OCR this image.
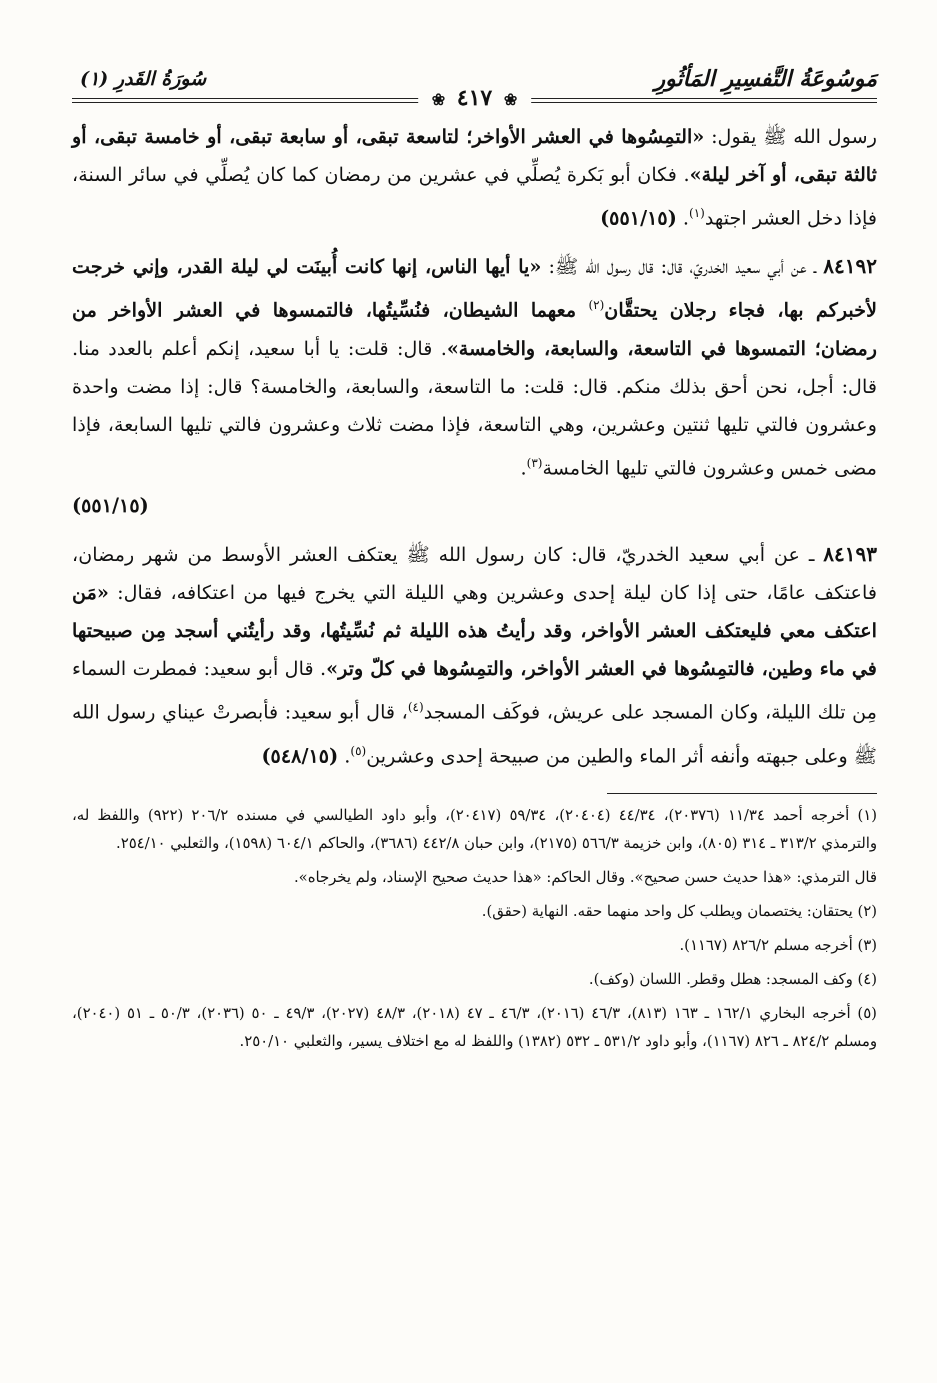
مَوسُوعَةُ التَّفسِيرِ المَأثُورِ
سُورَةُ القَدرِ (١)
❀ ٤١٧ ❀

رسول الله ﷺ يقول: «التمِسُوها في العشر الأواخر؛ لتاسعة تبقى، أو سابعة تبقى، أو خامسة تبقى، أو ثالثة تبقى، أو آخر ليلة». فكان أبو بَكرة يُصلِّي في عشرين من رمضان كما كان يُصلِّي في سائر السنة، فإذا دخل العشر اجتهد$^{(١)}$. (٥٥١/١٥)

٨٤١٩٢ ـ عن أبي سعيد الخدريّ، قال: قال رسول الله ﷺ: «يا أيها الناس، إنها كانت أُبينَت لي ليلة القدر، وإني خرجت لأخبركم بها، فجاء رجلان يحتقَّان$^{(٢)}$ معهما الشيطان، فنُسِّيتُها، فالتمسوها في العشر الأواخر من رمضان؛ التمسوها في التاسعة، والسابعة، والخامسة». قال: قلت: يا أبا سعيد، إنكم أعلم بالعدد منا. قال: أجل، نحن أحق بذلك منكم. قال: قلت: ما التاسعة، والسابعة، والخامسة؟ قال: إذا مضت واحدة وعشرون فالتي تليها ثنتين وعشرين، وهي التاسعة، فإذا مضت ثلاث وعشرون فالتي تليها السابعة، فإذا مضى خمس وعشرون فالتي تليها الخامسة$^{(٣)}$.
(٥٥١/١٥)

٨٤١٩٣ ـ عن أبي سعيد الخدريّ، قال: كان رسول الله ﷺ يعتكف العشر الأوسط من شهر رمضان، فاعتكف عامًا، حتى إذا كان ليلة إحدى وعشرين وهي الليلة التي يخرج فيها من اعتكافه، فقال: «مَن اعتكف معي فليعتكف العشر الأواخر، وقد رأيتُ هذه الليلة ثم نُسِّيتُها، وقد رأيتُني أسجد مِن صبيحتها في ماء وطين، فالتمِسُوها في العشر الأواخر، والتمِسُوها في كلّ وتر». قال أبو سعيد: فمطرت السماء مِن تلك الليلة، وكان المسجد على عريش، فوكَف المسجد$^{(٤)}$، قال أبو سعيد: فأبصرتْ عيناي رسول الله ﷺ وعلى جبهته وأنفه أثر الماء والطين من صبيحة إحدى وعشرين$^{(٥)}$. (٥٤٨/١٥)

(١) أخرجه أحمد ١١/٣٤ (٢٠٣٧٦)، ٤٤/٣٤ (٢٠٤٠٤)، ٥٩/٣٤ (٢٠٤١٧)، وأبو داود الطيالسي في مسنده ٢٠٦/٢ (٩٢٢) واللفظ له، والترمذي ٣١٣/٢ ـ ٣١٤ (٨٠٥)، وابن خزيمة ٥٦٦/٣ (٢١٧٥)، وابن حبان ٤٤٢/٨ (٣٦٨٦)، والحاكم ٦٠٤/١ (١٥٩٨)، والثعلبي ٢٥٤/١٠.

قال الترمذي: «هذا حديث حسن صحيح». وقال الحاكم: «هذا حديث صحيح الإسناد، ولم يخرجاه».

(٢) يحتقان: يختصمان ويطلب كل واحد منهما حقه. النهاية (حقق).

(٣) أخرجه مسلم ٨٢٦/٢ (١١٦٧).

(٤) وكف المسجد: هطل وقطر. اللسان (وكف).

(٥) أخرجه البخاري ١٦٢/١ ـ ١٦٣ (٨١٣)، ٤٦/٣ (٢٠١٦)، ٤٦/٣ ـ ٤٧ (٢٠١٨)، ٤٨/٣ (٢٠٢٧)، ٤٩/٣ ـ ٥٠ (٢٠٣٦)، ٥٠/٣ ـ ٥١ (٢٠٤٠)، ومسلم ٨٢٤/٢ ـ ٨٢٦ (١١٦٧)، وأبو داود ٥٣١/٢ ـ ٥٣٢ (١٣٨٢) واللفظ له مع اختلاف يسير، والثعلبي ٢٥٠/١٠.
